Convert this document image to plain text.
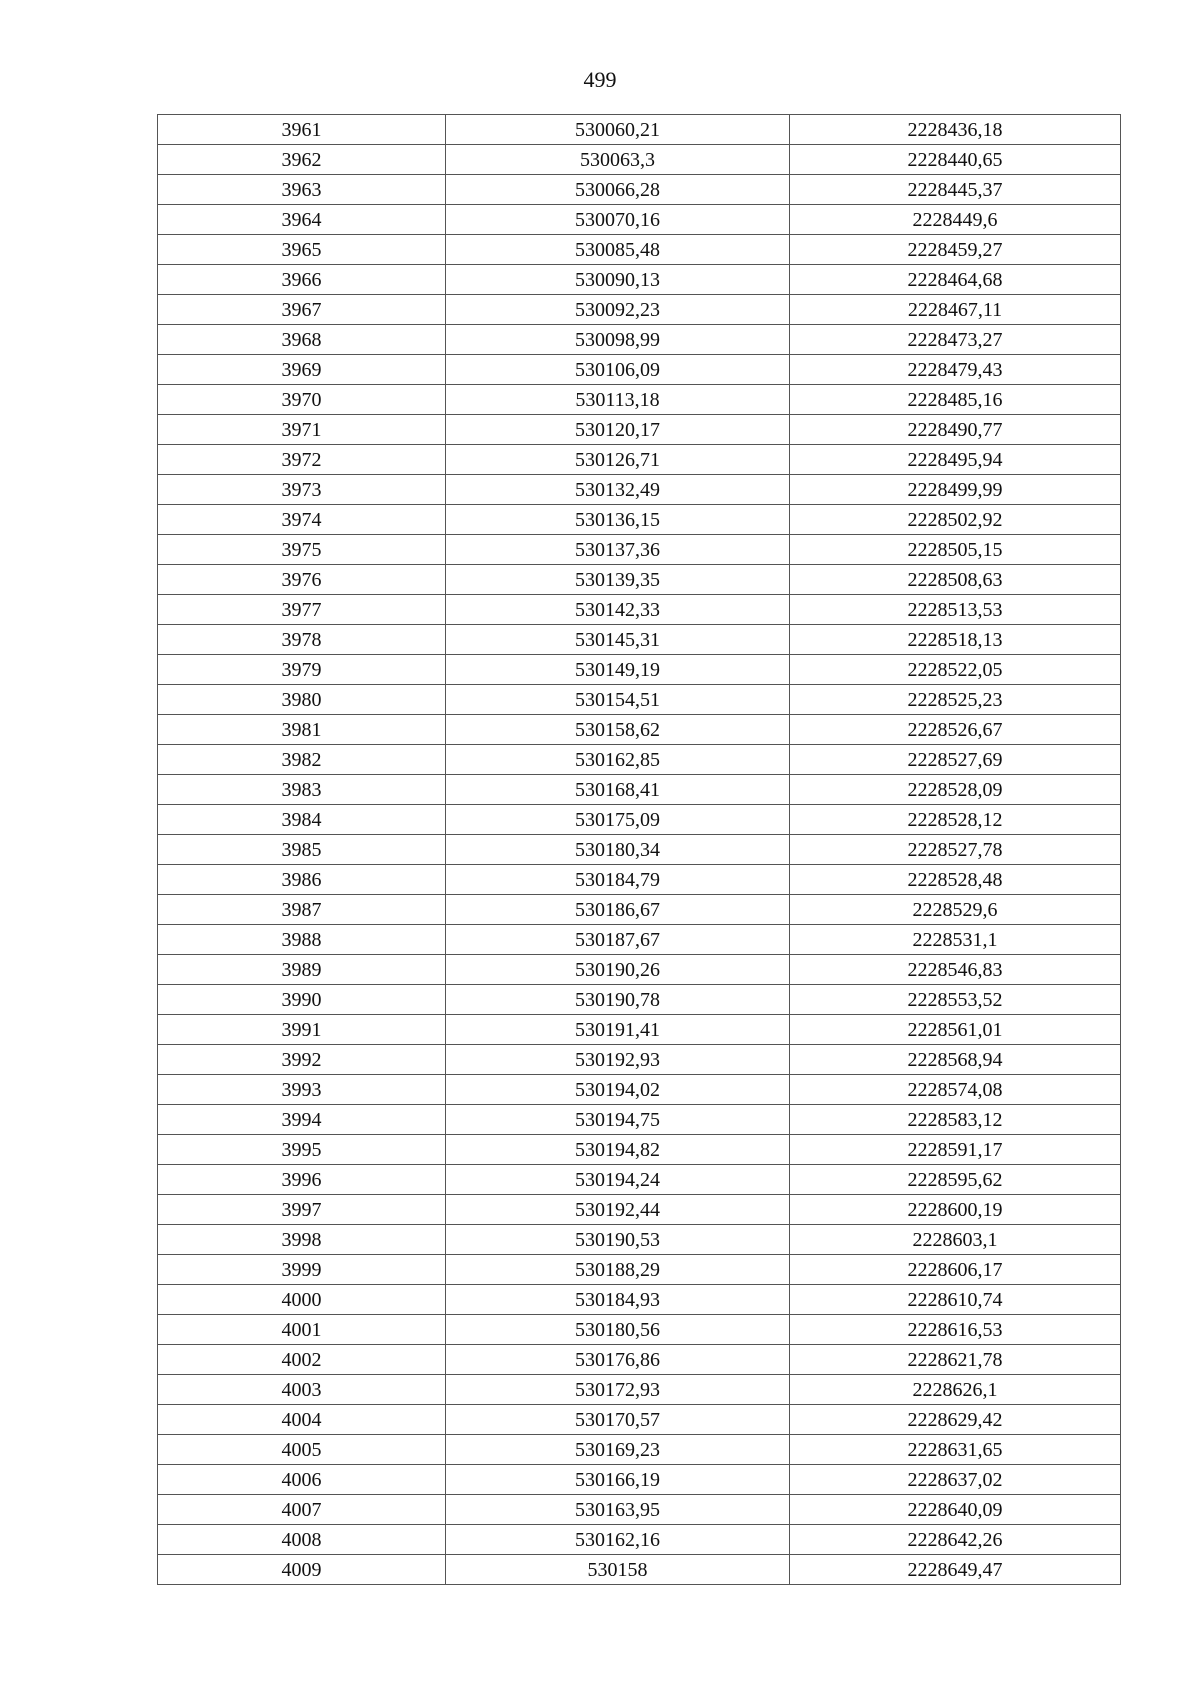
499
3961	530060,21	2228436,18
3962	530063,3	2228440,65
3963	530066,28	2228445,37
3964	530070,16	2228449,6
3965	530085,48	2228459,27
3966	530090,13	2228464,68
3967	530092,23	2228467,11
3968	530098,99	2228473,27
3969	530106,09	2228479,43
3970	530113,18	2228485,16
3971	530120,17	2228490,77
3972	530126,71	2228495,94
3973	530132,49	2228499,99
3974	530136,15	2228502,92
3975	530137,36	2228505,15
3976	530139,35	2228508,63
3977	530142,33	2228513,53
3978	530145,31	2228518,13
3979	530149,19	2228522,05
3980	530154,51	2228525,23
3981	530158,62	2228526,67
3982	530162,85	2228527,69
3983	530168,41	2228528,09
3984	530175,09	2228528,12
3985	530180,34	2228527,78
3986	530184,79	2228528,48
3987	530186,67	2228529,6
3988	530187,67	2228531,1
3989	530190,26	2228546,83
3990	530190,78	2228553,52
3991	530191,41	2228561,01
3992	530192,93	2228568,94
3993	530194,02	2228574,08
3994	530194,75	2228583,12
3995	530194,82	2228591,17
3996	530194,24	2228595,62
3997	530192,44	2228600,19
3998	530190,53	2228603,1
3999	530188,29	2228606,17
4000	530184,93	2228610,74
4001	530180,56	2228616,53
4002	530176,86	2228621,78
4003	530172,93	2228626,1
4004	530170,57	2228629,42
4005	530169,23	2228631,65
4006	530166,19	2228637,02
4007	530163,95	2228640,09
4008	530162,16	2228642,26
4009	530158	2228649,47
